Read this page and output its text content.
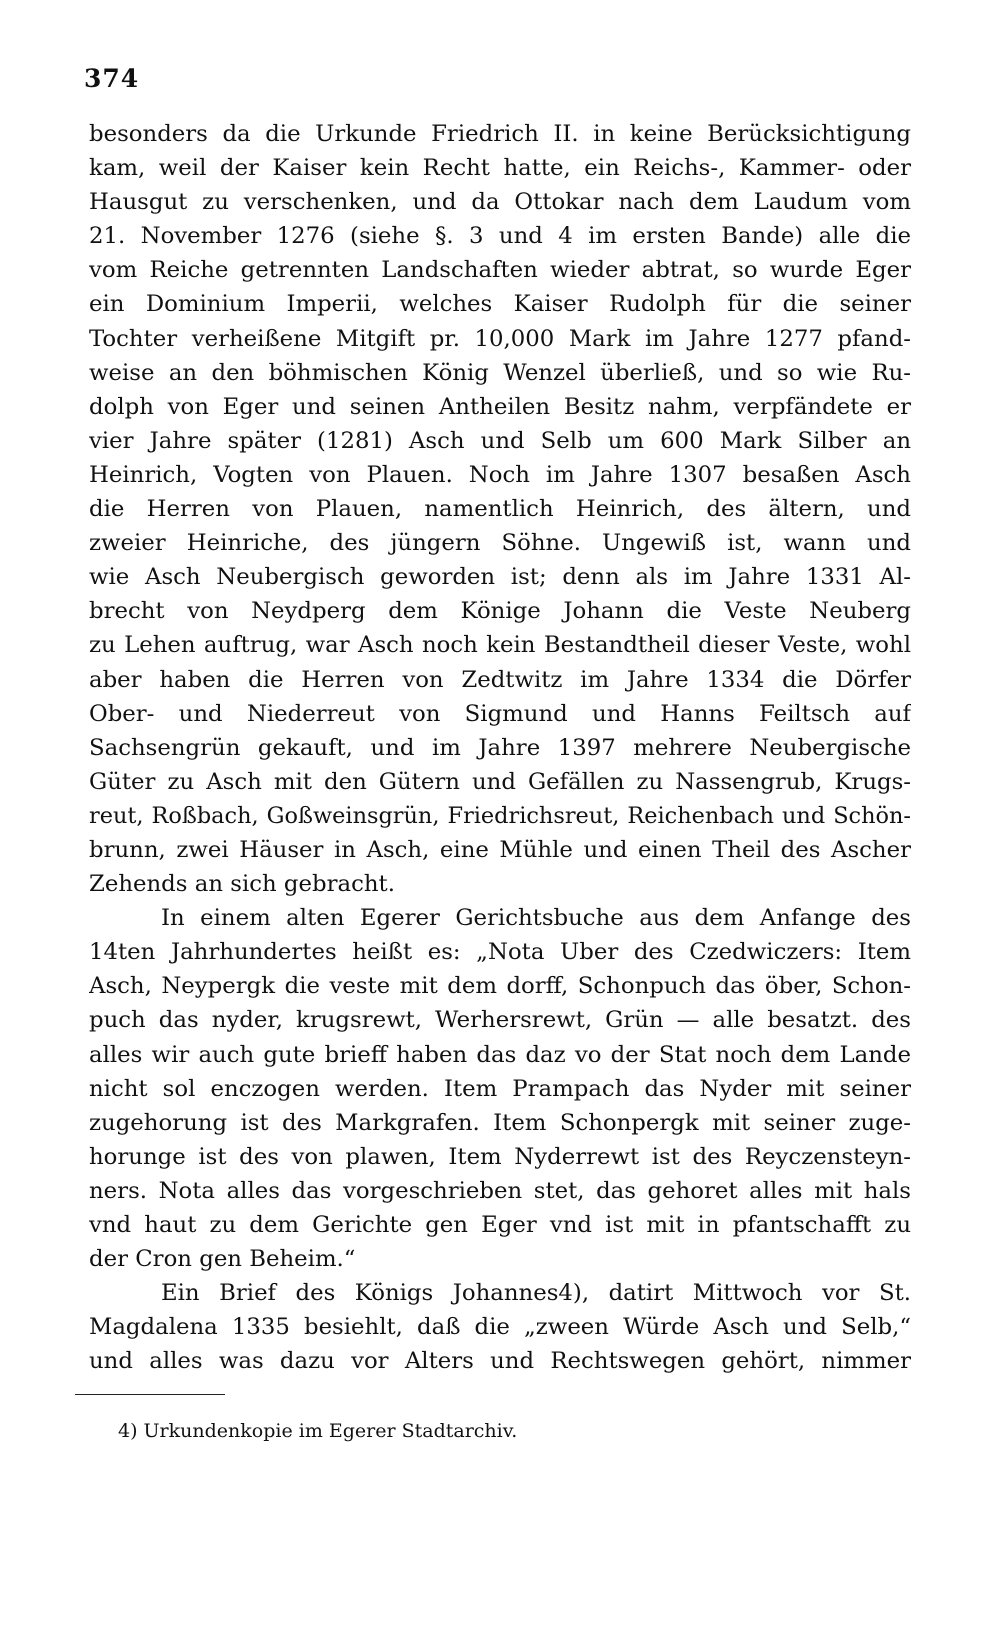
374
besonders da die Urkunde Friedrich II. in keine Berücksichtigung
kam, weil der Kaiser kein Recht hatte, ein Reichs-, Kammer- oder
Hausgut zu verschenken, und da Ottokar nach dem Laudum vom
21. November 1276 (siehe §. 3 und 4 im ersten Bande) alle die
vom Reiche getrennten Landschaften wieder abtrat, so wurde Eger
ein Dominium Imperii, welches Kaiser Rudolph für die seiner
Tochter verheißene Mitgift pr. 10,000 Mark im Jahre 1277 pfand-
weise an den böhmischen König Wenzel überließ, und so wie Ru-
dolph von Eger und seinen Antheilen Besitz nahm, verpfändete er
vier Jahre später (1281) Asch und Selb um 600 Mark Silber an
Heinrich, Vogten von Plauen. Noch im Jahre 1307 besaßen Asch
die Herren von Plauen, namentlich Heinrich, des ältern, und
zweier Heinriche, des jüngern Söhne. Ungewiß ist, wann und
wie Asch Neubergisch geworden ist; denn als im Jahre 1331 Al-
brecht von Neydperg dem Könige Johann die Veste Neuberg
zu Lehen auftrug, war Asch noch kein Bestandtheil dieser Veste, wohl
aber haben die Herren von Zedtwitz im Jahre 1334 die Dörfer
Ober- und Niederreut von Sigmund und Hanns Feiltsch auf
Sachsengrün gekauft, und im Jahre 1397 mehrere Neubergische
Güter zu Asch mit den Gütern und Gefällen zu Nassengrub, Krugs-
reut, Roßbach, Goßweinsgrün, Friedrichsreut, Reichenbach und Schön-
brunn, zwei Häuser in Asch, eine Mühle und einen Theil des Ascher
Zehends an sich gebracht.
In einem alten Egerer Gerichtsbuche aus dem Anfange des
14ten Jahrhundertes heißt es: „Nota Uber des Czedwiczers: Item
Asch, Neypergk die veste mit dem dorff, Schonpuch das öber, Schon-
puch das nyder, krugsrewt, Werhersrewt, Grün — alle besatzt. des
alles wir auch gute brieff haben das daz vo der Stat noch dem Lande
nicht sol enczogen werden. Item Prampach das Nyder mit seiner
zugehorung ist des Markgrafen. Item Schonpergk mit seiner zuge-
horunge ist des von plawen, Item Nyderrewt ist des Reyczensteyn-
ners. Nota alles das vorgeschrieben stet, das gehoret alles mit hals
vnd haut zu dem Gerichte gen Eger vnd ist mit in pfantschafft zu
der Cron gen Beheim.“
Ein Brief des Königs Johannes4), datirt Mittwoch vor St.
Magdalena 1335 besiehlt, daß die „zween Würde Asch und Selb,“
und alles was dazu vor Alters und Rechtswegen gehört, nimmer
4) Urkundenkopie im Egerer Stadtarchiv.
